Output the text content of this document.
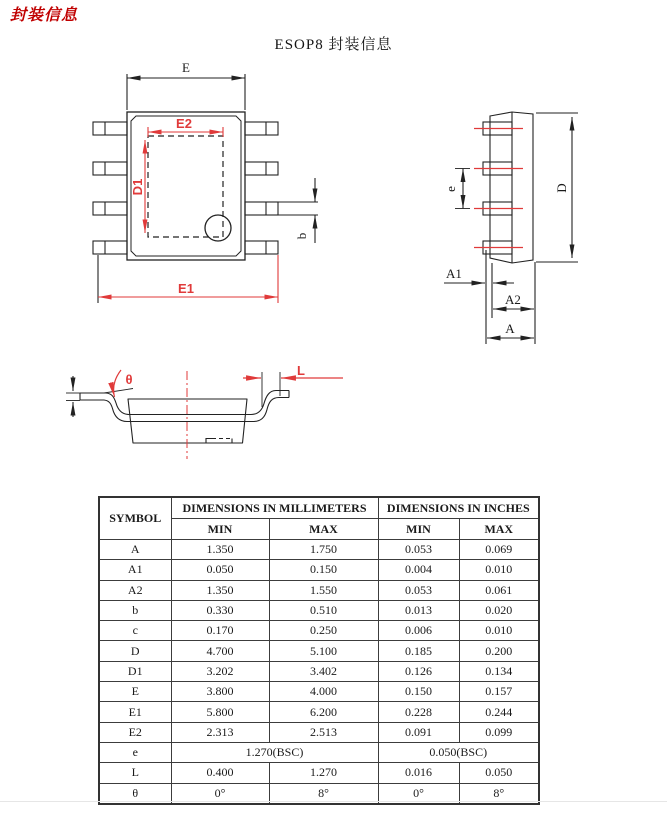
封装信息
ESOP8 封装信息
E
b
E2
D1
E1
e	D
A1
A2
A
θ
L
SYMBOL	DIMENSIONS IN MILLIMETERS		DIMENSIONS IN INCHES	
	MIN	MAX	MIN	MAX
A	1.350	1.750	0.053	0.069
A1	0.050	0.150	0.004	0.010
A2	1.350	1.550	0.053	0.061
b	0.330	0.510	0.013	0.020
c	0.170	0.250	0.006	0.010
D	4.700	5.100	0.185	0.200
D1	3.202	3.402	0.126	0.134
E	3.800	4.000	0.150	0.157
E1	5.800	6.200	0.228	0.244
E2	2.313	2.513	0.091	0.099
e	1.270(BSC)		0.050(BSC)	
L	0.400	1.270	0.016	0.050
θ	0°	8°	0°	8°
